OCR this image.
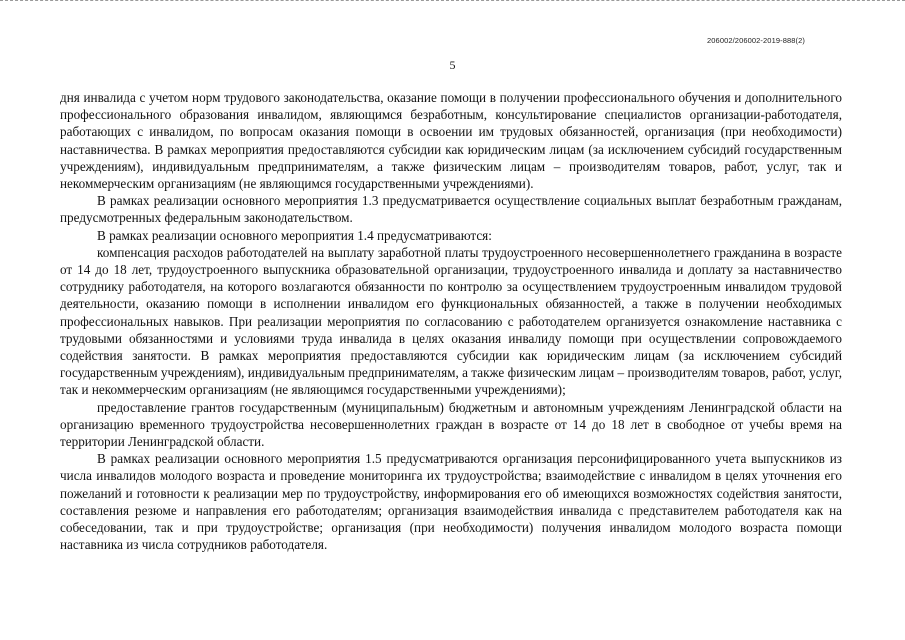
206002/206002-2019-888(2)
5

дня инвалида с учетом норм трудового законодательства, оказание помощи в получении профессионального обучения и дополнительного профессионального образования инвалидом, являющимся безработным, консультирование специалистов организации-работодателя, работающих с инвалидом, по вопросам оказания помощи в освоении им трудовых обязанностей, организация (при необходимости) наставничества. В рамках мероприятия предоставляются субсидии как юридическим лицам (за исключением субсидий государственным учреждениям), индивидуальным предпринимателям, а также физическим лицам – производителям товаров, работ, услуг, так и некоммерческим организациям (не являющимся государственными учреждениями).

В рамках реализации основного мероприятия 1.3 предусматривается осуществление социальных выплат безработным гражданам, предусмотренных федеральным законодательством.

В рамках реализации основного мероприятия 1.4 предусматриваются:

компенсация расходов работодателей на выплату заработной платы трудоустроенного несовершеннолетнего гражданина в возрасте от 14 до 18 лет, трудоустроенного выпускника образовательной организации, трудоустроенного инвалида и доплату за наставничество сотруднику работодателя, на которого возлагаются обязанности по контролю за осуществлением трудоустроенным инвалидом трудовой деятельности, оказанию помощи в исполнении инвалидом его функциональных обязанностей, а также в получении необходимых профессиональных навыков. При реализации мероприятия по согласованию с работодателем организуется ознакомление наставника с трудовыми обязанностями и условиями труда инвалида в целях оказания инвалиду помощи при осуществлении сопровождаемого содействия занятости. В рамках мероприятия предоставляются субсидии как юридическим лицам (за исключением субсидий государственным учреждениям), индивидуальным предпринимателям, а также физическим лицам – производителям товаров, работ, услуг, так и некоммерческим организациям (не являющимся государственными учреждениями);

предоставление грантов государственным (муниципальным) бюджетным и автономным учреждениям Ленинградской области на организацию временного трудоустройства несовершеннолетних граждан в возрасте от 14 до 18 лет в свободное от учебы время на территории Ленинградской области.

В рамках реализации основного мероприятия 1.5 предусматриваются организация персонифицированного учета выпускников из числа инвалидов молодого возраста и проведение мониторинга их трудоустройства; взаимодействие с инвалидом в целях уточнения его пожеланий и готовности к реализации мер по трудоустройству, информирования его об имеющихся возможностях содействия занятости, составления резюме и направления его работодателям; организация взаимодействия инвалида с представителем работодателя как на собеседовании, так и при трудоустройстве; организация (при необходимости) получения инвалидом молодого возраста помощи наставника из числа сотрудников работодателя.
